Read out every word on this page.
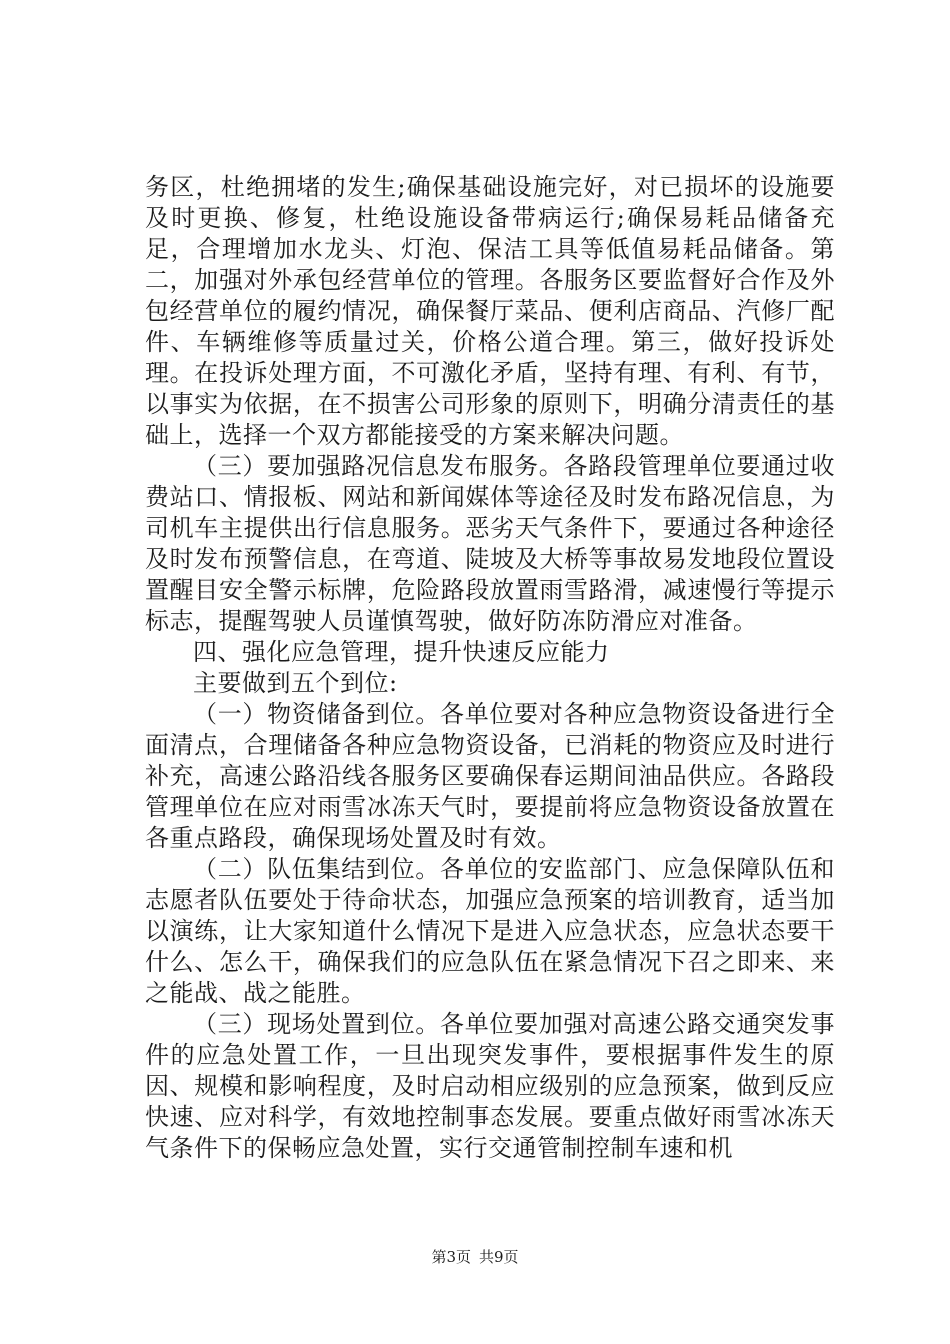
务区，杜绝拥堵的发生;确保基础设施完好，对已损坏的设施要及时更换、修复，杜绝设施设备带病运行;确保易耗品储备充足，合理增加水龙头、灯泡、保洁工具等低值易耗品储备。第二，加强对外承包经营单位的管理。各服务区要监督好合作及外包经营单位的履约情况，确保餐厅菜品、便利店商品、汽修厂配件、车辆维修等质量过关，价格公道合理。第三，做好投诉处理。在投诉处理方面，不可激化矛盾，坚持有理、有利、有节，以事实为依据，在不损害公司形象的原则下，明确分清责任的基础上，选择一个双方都能接受的方案来解决问题。

（三）要加强路况信息发布服务。各路段管理单位要通过收费站口、情报板、网站和新闻媒体等途径及时发布路况信息，为司机车主提供出行信息服务。恶劣天气条件下，要通过各种途径及时发布预警信息，在弯道、陡坡及大桥等事故易发地段位置设置醒目安全警示标牌，危险路段放置雨雪路滑，减速慢行等提示标志，提醒驾驶人员谨慎驾驶，做好防冻防滑应对准备。

四、强化应急管理，提升快速反应能力

主要做到五个到位:

（一）物资储备到位。各单位要对各种应急物资设备进行全面清点，合理储备各种应急物资设备，已消耗的物资应及时进行补充，高速公路沿线各服务区要确保春运期间油品供应。各路段管理单位在应对雨雪冰冻天气时，要提前将应急物资设备放置在各重点路段，确保现场处置及时有效。

（二）队伍集结到位。各单位的安监部门、应急保障队伍和志愿者队伍要处于待命状态，加强应急预案的培训教育，适当加以演练，让大家知道什么情况下是进入应急状态，应急状态要干什么、怎么干，确保我们的应急队伍在紧急情况下召之即来、来之能战、战之能胜。

（三）现场处置到位。各单位要加强对高速公路交通突发事件的应急处置工作，一旦出现突发事件，要根据事件发生的原因、规模和影响程度，及时启动相应级别的应急预案，做到反应快速、应对科学，有效地控制事态发展。要重点做好雨雪冰冻天气条件下的保畅应急处置，实行交通管制控制车速和机

第3页 共9页
